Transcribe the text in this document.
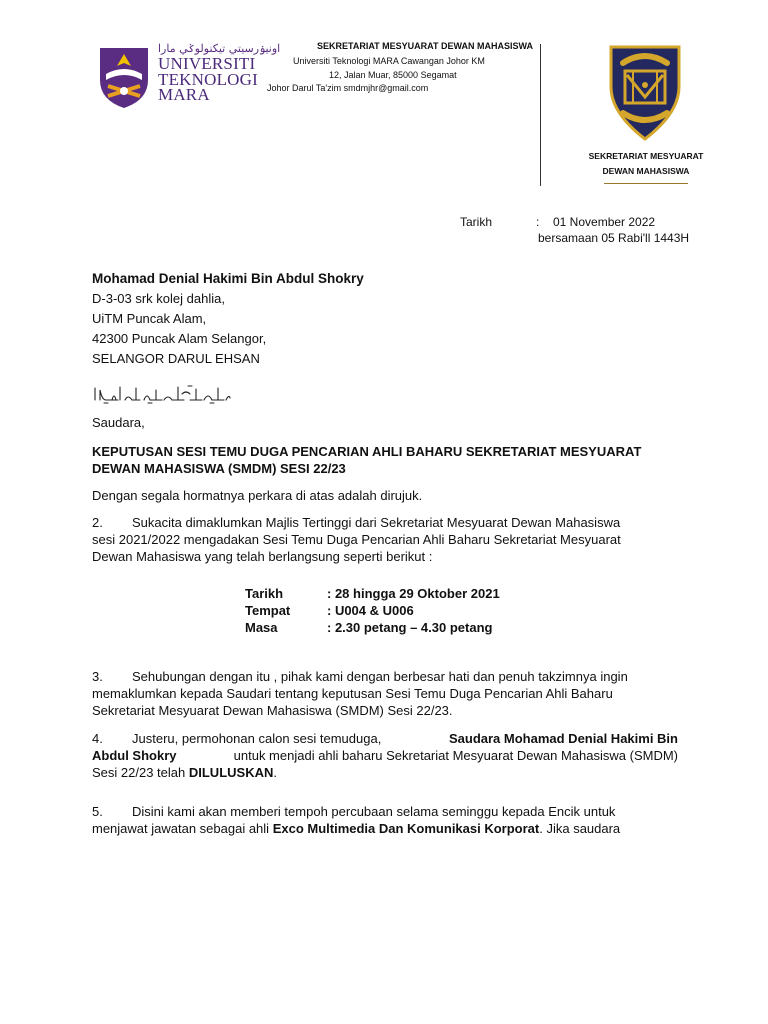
اونيۏرسيتي تيكنولوݢي مارا
UNIVERSITI
TEKNOLOGI
MARA
SEKRETARIAT MESYUARAT DEWAN MAHASISWA
Universiti Teknologi MARA Cawangan Johor KM
12, Jalan Muar, 85000 Segamat
Johor Darul Ta'zim smdmjhr@gmail.com
SEKRETARIAT MESYUARAT
DEWAN MAHASISWA
Tarikh	: 01 November 2022
bersamaan 05 Rabi'll 1443H
Mohamad Denial Hakimi Bin Abdul Shokry
D-3-03 srk kolej dahlia,
UiTM Puncak Alam,
42300 Puncak Alam Selangor,
SELANGOR DARUL EHSAN
Saudara,
KEPUTUSAN SESI TEMU DUGA PENCARIAN AHLI BAHARU SEKRETARIAT MESYUARAT
DEWAN MAHASISWA (SMDM) SESI 22/23
Dengan segala hormatnya perkara di atas adalah dirujuk.
2. Sukacita dimaklumkan Majlis Tertinggi dari Sekretariat Mesyuarat Dewan Mahasiswa
sesi 2021/2022 mengadakan Sesi Temu Duga Pencarian Ahli Baharu Sekretariat Mesyuarat
Dewan Mahasiswa yang telah berlangsung seperti berikut :
Tarikh	: 28 hingga 29 Oktober 2021
Tempat	: U004 & U006
Masa	: 2.30 petang – 4.30 petang
3. Sehubungan dengan itu , pihak kami dengan berbesar hati dan penuh takzimnya ingin
memaklumkan kepada Saudari tentang keputusan Sesi Temu Duga Pencarian Ahli Baharu
Sekretariat Mesyuarat Dewan Mahasiswa (SMDM) Sesi 22/23.
4. Justeru, permohonan calon sesi temuduga,	Saudara Mohamad Denial Hakimi Bin
Abdul Shokry	untuk menjadi ahli baharu Sekretariat Mesyuarat Dewan Mahasiswa (SMDM)
Sesi 22/23 telah DILULUSKAN.
5. Disini kami akan memberi tempoh percubaan selama seminggu kepada Encik untuk
menjawat jawatan sebagai ahli Exco Multimedia Dan Komunikasi Korporat. Jika saudara
